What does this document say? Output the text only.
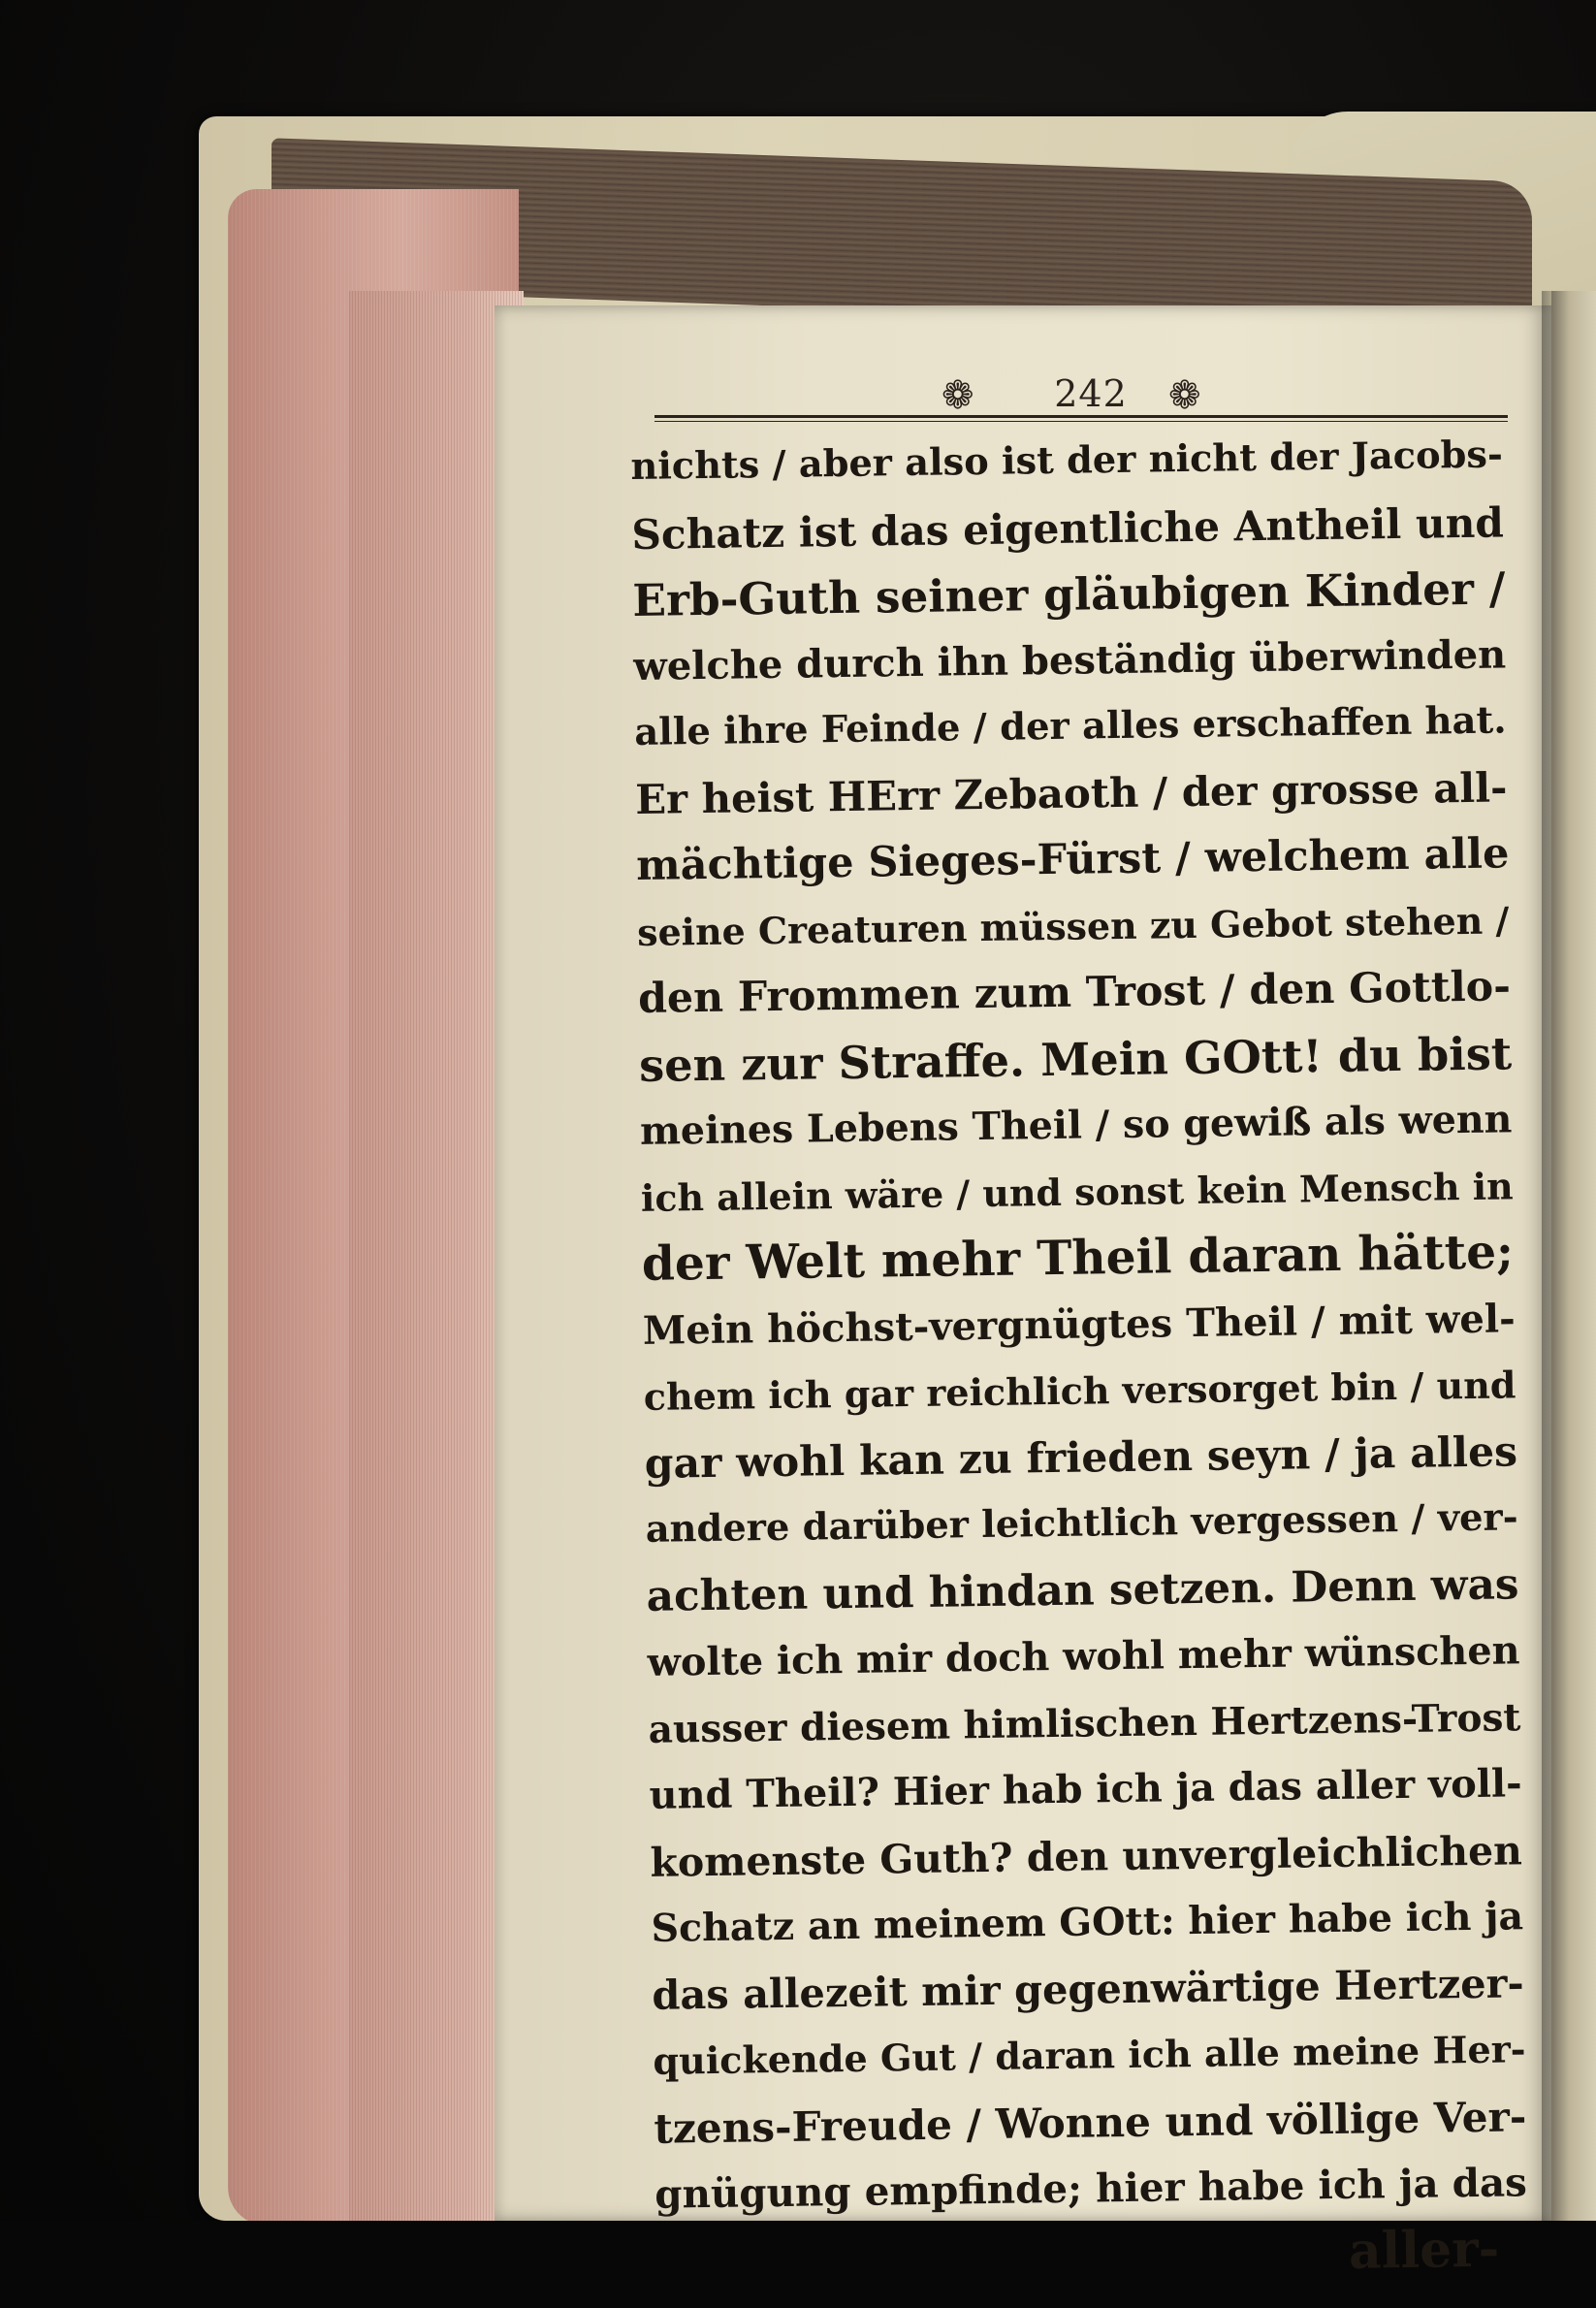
❁	242	❁
nichts / aber also ist der nicht der Jacobs-
Schatz ist das eigentliche Antheil und
Erb-Guth seiner gläubigen Kinder /
welche durch ihn beständig überwinden
alle ihre Feinde / der alles erschaffen hat.
Er heist HErr Zebaoth / der grosse all-
mächtige Sieges-Fürst / welchem alle
seine Creaturen müssen zu Gebot stehen /
den Frommen zum Trost / den Gottlo-
sen zur Straffe. Mein GOtt! du bist
meines Lebens Theil / so gewiß als wenn
ich allein wäre / und sonst kein Mensch in
der Welt mehr Theil daran hätte;
Mein höchst-vergnügtes Theil / mit wel-
chem ich gar reichlich versorget bin / und
gar wohl kan zu frieden seyn / ja alles
andere darüber leichtlich vergessen / ver-
achten und hindan setzen. Denn was
wolte ich mir doch wohl mehr wünschen
ausser diesem himlischen Hertzens-Trost
und Theil? Hier hab ich ja das aller voll-
komenste Guth? den unvergleichlichen
Schatz an meinem GOtt: hier habe ich ja
das allezeit mir gegenwärtige Hertzer-
quickende Gut / daran ich alle meine Her-
tzens-Freude / Wonne und völlige Ver-
gnügung empfinde; hier habe ich ja das
aller-
